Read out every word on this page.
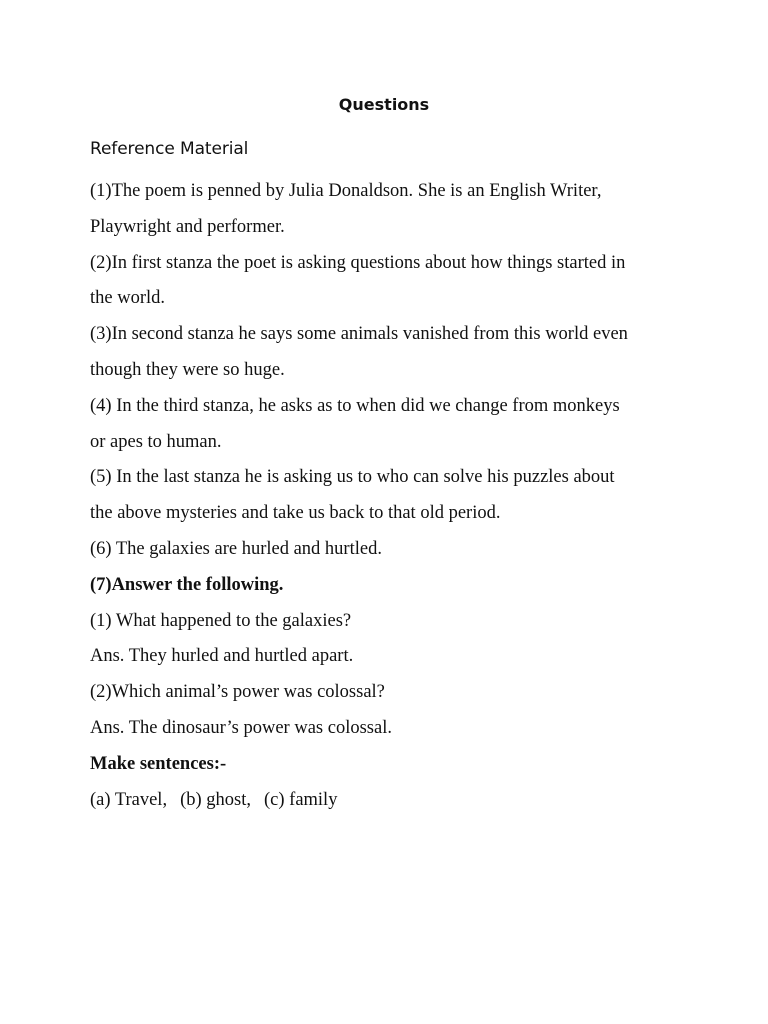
Questions
Reference Material
(1)The poem is penned by Julia Donaldson. She is an English Writer,
Playwright and performer.
(2)In first stanza the poet is asking questions about how things started in
the world.
(3)In second stanza he says some animals vanished from this world even
though they were so huge.
(4) In the third stanza, he asks as to when did we change from monkeys
or apes to human.
(5) In the last stanza he is asking us to who can solve his puzzles about
the above mysteries and take us back to that old period.
(6) The galaxies are hurled and hurtled.
(7)Answer the following.
(1) What happened to the galaxies?
Ans. They hurled and hurtled apart.
(2)Which animal’s power was colossal?
Ans. The dinosaur’s power was colossal.
Make sentences:-
(a) Travel, (b) ghost, (c) family
